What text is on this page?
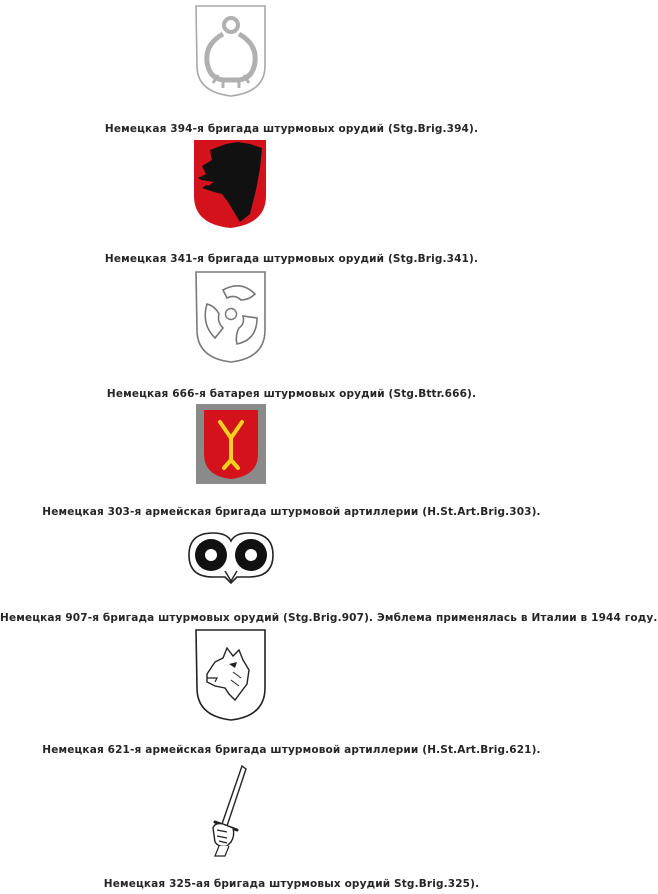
Немецкая 394-я бригада штурмовых орудий (Stg.Brig.394).
Немецкая 341-я бригада штурмовых орудий (Stg.Brig.341).
Немецкая 666-я батарея штурмовых орудий (Stg.Bttr.666).
Немецкая 303-я армейская бригада штурмовой артиллерии (H.St.Art.Brig.303).
Немецкая 907-я бригада штурмовых орудий (Stg.Brig.907). Эмблема применялась в Италии в 1944 году.
Немецкая 621-я армейская бригада штурмовой артиллерии (H.St.Art.Brig.621).
Немецкая 325-ая бригада штурмовых орудий Stg.Brig.325).
